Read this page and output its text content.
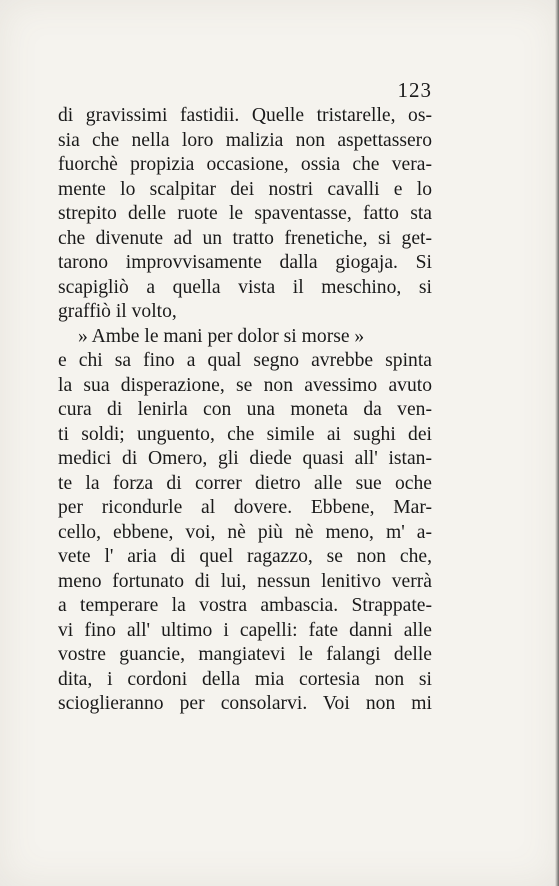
123
di gravissimi fastidii. Quelle tristarelle, os-
sia che nella loro malizia non aspettassero
fuorchè propizia occasione, ossia che vera-
mente lo scalpitar dei nostri cavalli e lo
strepito delle ruote le spaventasse, fatto sta
che divenute ad un tratto frenetiche, si get-
tarono improvvisamente dalla giogaja. Si
scapigliò a quella vista il meschino, si
graffiò il volto,
» Ambe le mani per dolor si morse »
e chi sa fino a qual segno avrebbe spinta
la sua disperazione, se non avessimo avuto
cura di lenirla con una moneta da ven-
ti soldi; unguento, che simile ai sughi dei
medici di Omero, gli diede quasi all' istan-
te la forza di correr dietro alle sue oche
per ricondurle al dovere. Ebbene, Mar-
cello, ebbene, voi, nè più nè meno, m' a-
vete l' aria di quel ragazzo, se non che,
meno fortunato di lui, nessun lenitivo verrà
a temperare la vostra ambascia. Strappate-
vi fino all' ultimo i capelli: fate danni alle
vostre guancie, mangiatevi le falangi delle
dita, i cordoni della mia cortesia non si
scioglieranno per consolarvi. Voi non mi
